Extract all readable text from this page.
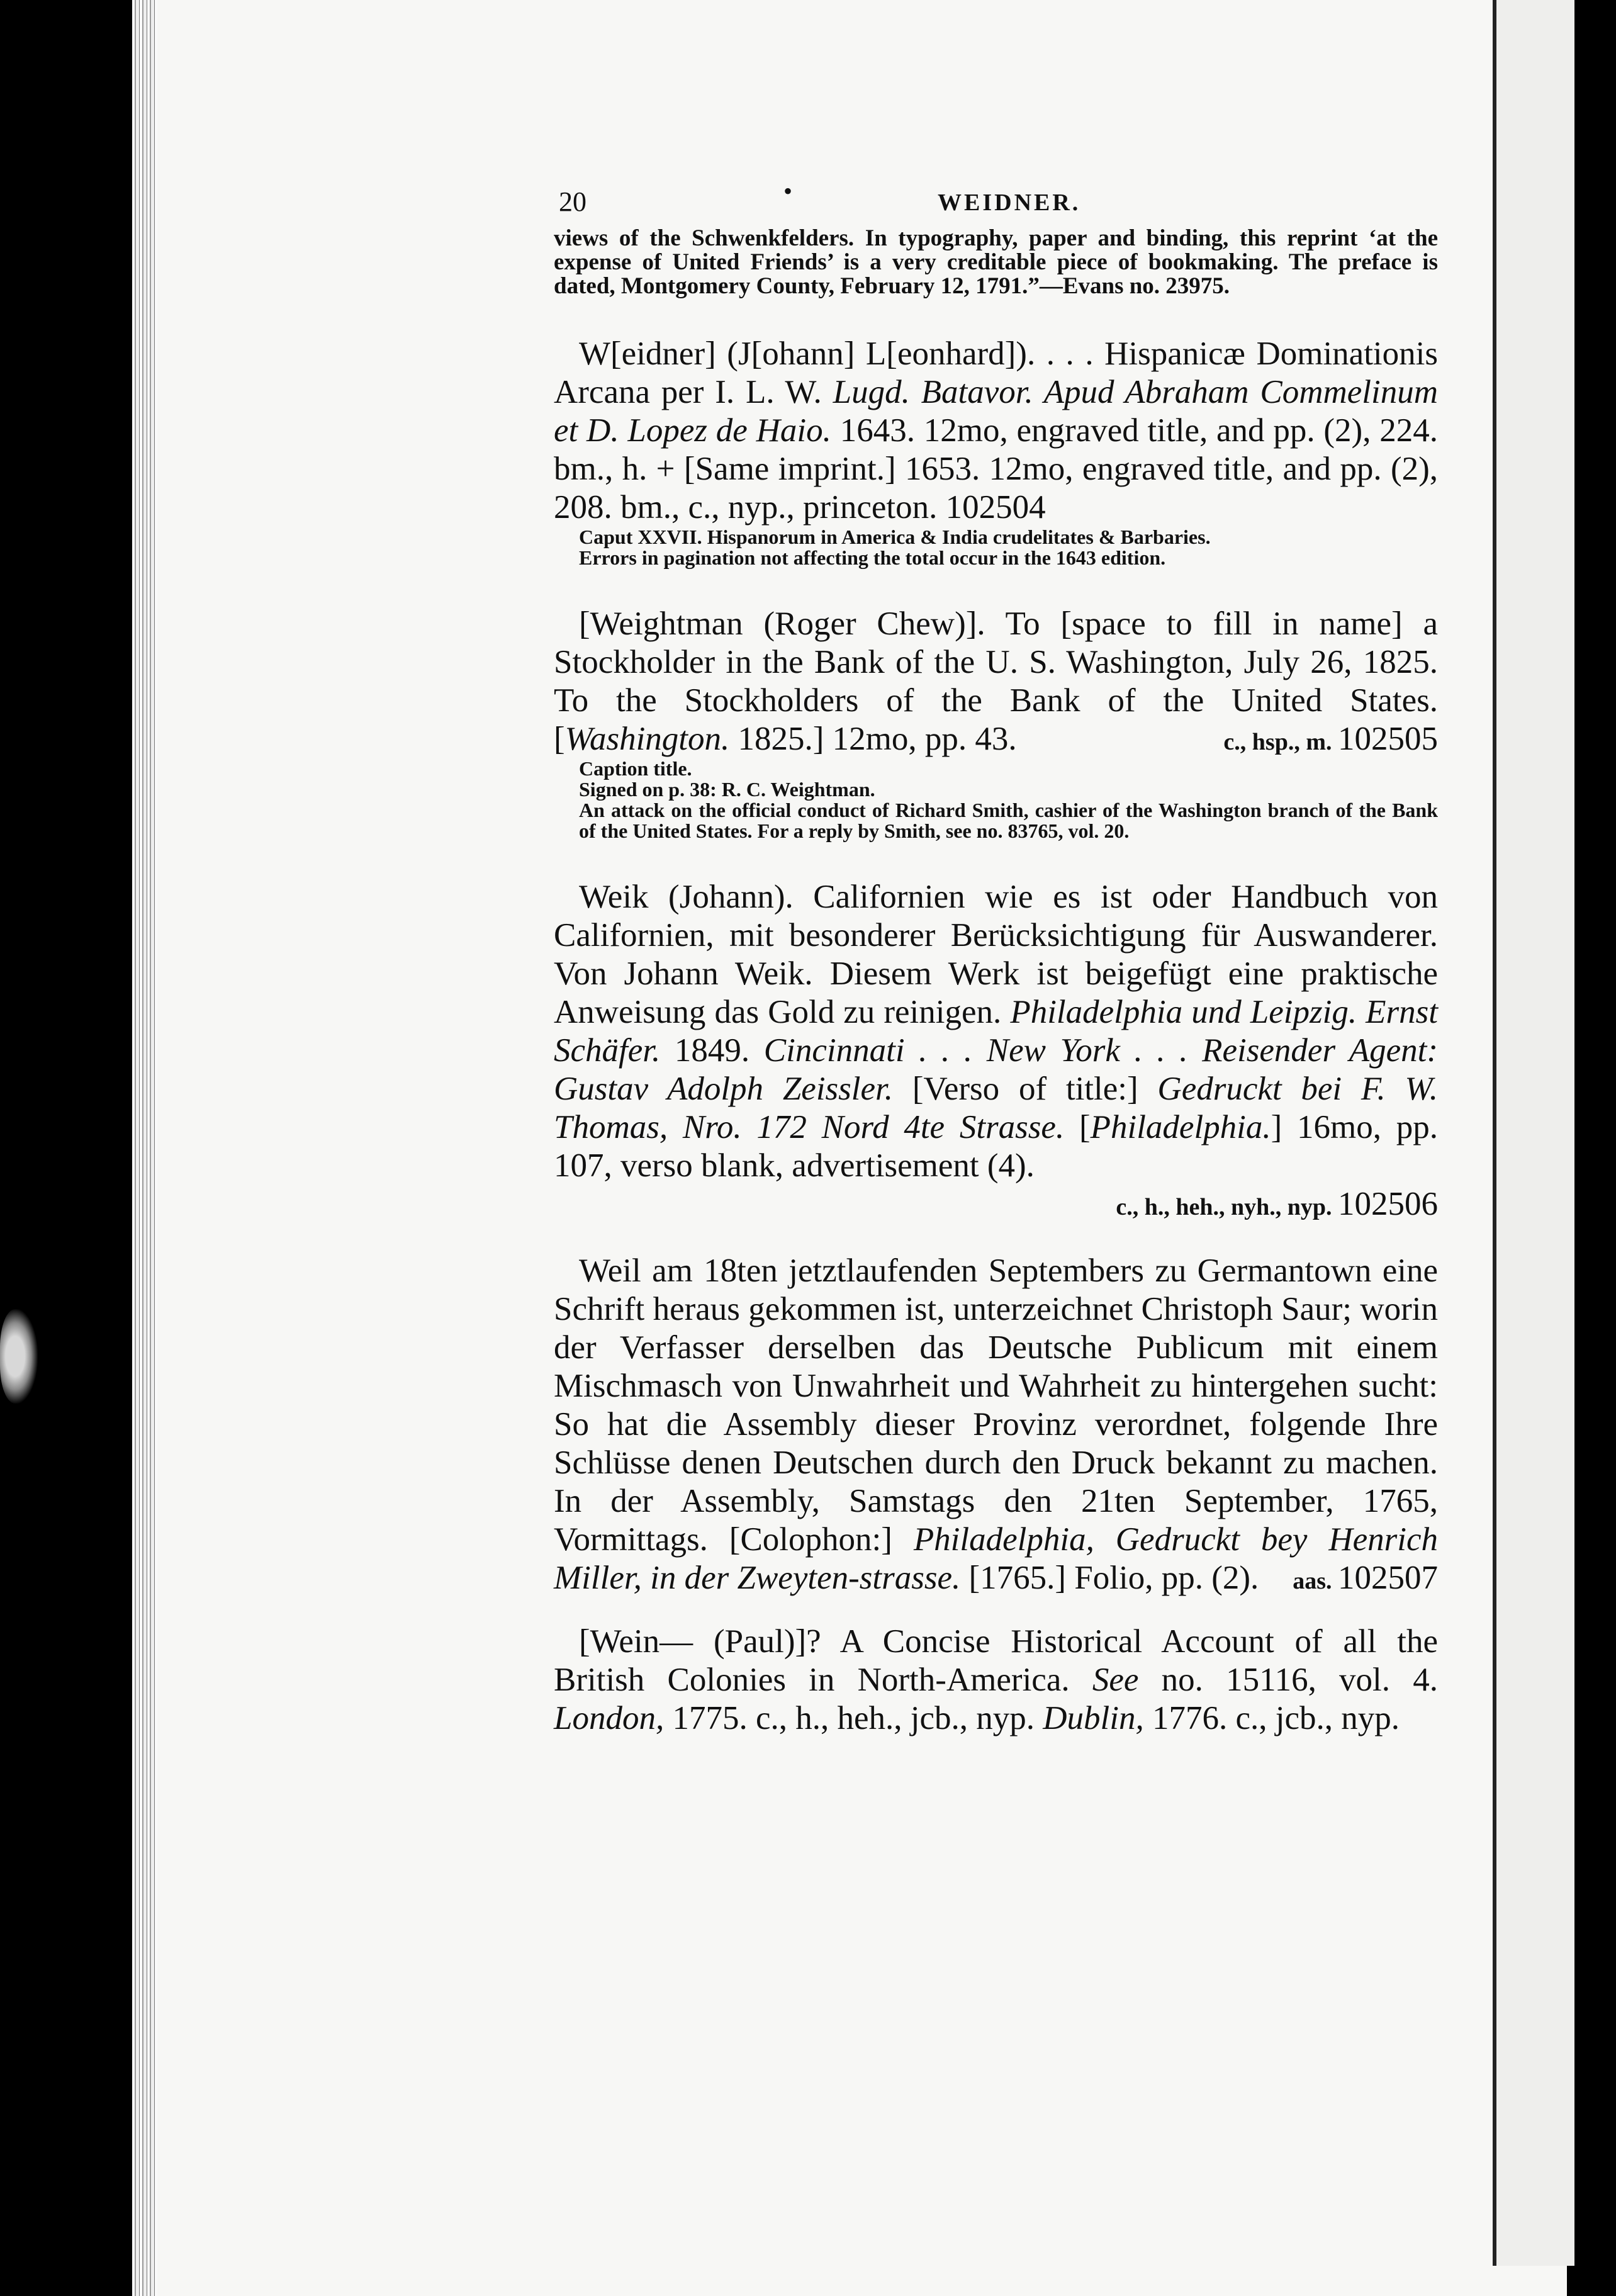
20	•	WEIDNER.

views of the Schwenkfelders. In typography, paper and binding, this reprint ‘at the expense of United Friends’ is a very creditable piece of bookmaking. The preface is dated, Montgomery County, February 12, 1791.”—Evans no. 23975.

W[eidner] (J[ohann] L[eonhard]). . . . Hispanicæ Dominationis Arcana per I. L. W. Lugd. Batavor. Apud Abraham Commelinum et D. Lopez de Haio. 1643. 12mo, engraved title, and pp. (2), 224. bm., h. + [Same imprint.] 1653. 12mo, engraved title, and pp. (2), 208. bm., c., nyp., princeton. 102504

Caput XXVII. Hispanorum in America & India crudelitates & Barbaries.

Errors in pagination not affecting the total occur in the 1643 edition.

[Weightman (Roger Chew)]. To [space to fill in name] a Stockholder in the Bank of the U. S. Washington, July 26, 1825. To the Stockholders of the Bank of the United States. [Washington. 1825.] 12mo, pp. 43.	c., hsp., m. 102505

Caption title.

Signed on p. 38: R. C. Weightman.

An attack on the official conduct of Richard Smith, cashier of the Washington branch of the Bank of the United States. For a reply by Smith, see no. 83765, vol. 20.

Weik (Johann). Californien wie es ist oder Handbuch von Californien, mit besonderer Berücksichtigung für Auswanderer. Von Johann Weik. Diesem Werk ist beigefügt eine praktische Anweisung das Gold zu reinigen. Philadelphia und Leipzig. Ernst Schäfer. 1849. Cincinnati . . . New York . . . Reisender Agent: Gustav Adolph Zeissler. [Verso of title:] Gedruckt bei F. W. Thomas, Nro. 172 Nord 4te Strasse. [Philadelphia.] 16mo, pp. 107, verso blank, advertisement (4).

c., h., heh., nyh., nyp. 102506

Weil am 18ten jetztlaufenden Septembers zu Germantown eine Schrift heraus gekommen ist, unterzeichnet Christoph Saur; worin der Verfasser derselben das Deutsche Publicum mit einem Mischmasch von Unwahrheit und Wahrheit zu hintergehen sucht: So hat die Assembly dieser Provinz verordnet, folgende Ihre Schlüsse denen Deutschen durch den Druck bekannt zu machen. In der Assembly, Samstags den 21ten September, 1765, Vormittags. [Colophon:] Philadelphia, Gedruckt bey Henrich Miller, in der Zweyten-strasse. [1765.] Folio, pp. (2).	aas. 102507

[Wein— (Paul)]? A Concise Historical Account of all the British Colonies in North-America. See no. 15116, vol. 4. London, 1775. c., h., heh., jcb., nyp. Dublin, 1776. c., jcb., nyp.
